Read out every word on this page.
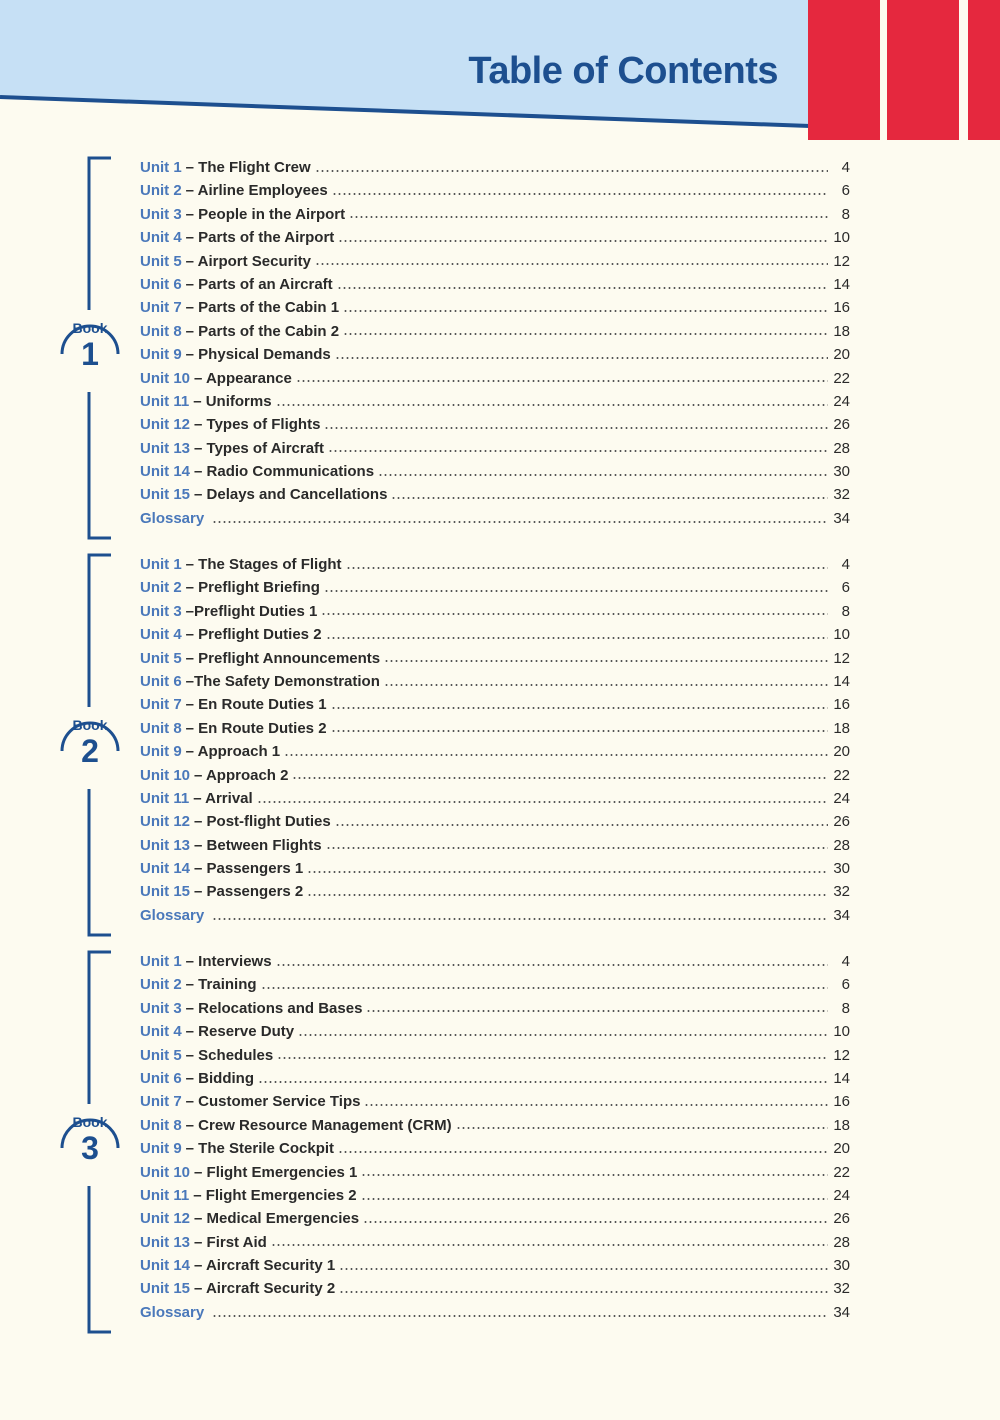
Table of Contents
Book
1
Unit 1 – The Flight Crew	4
Unit 2 – Airline Employees	6
Unit 3 – People in the Airport	8
Unit 4 – Parts of the Airport	10
Unit 5 – Airport Security	12
Unit 6 – Parts of an Aircraft	14
Unit 7 – Parts of the Cabin 1	16
Unit 8 – Parts of the Cabin 2	18
Unit 9 – Physical Demands	20
Unit 10 – Appearance	22
Unit 11 – Uniforms	24
Unit 12 – Types of Flights	26
Unit 13 – Types of Aircraft	28
Unit 14 – Radio Communications	30
Unit 15 – Delays and Cancellations	32
Glossary	34
Book
2
Unit 1 – The Stages of Flight	4
Unit 2 – Preflight Briefing	6
Unit 3 –Preflight Duties 1	8
Unit 4 – Preflight Duties 2	10
Unit 5 – Preflight Announcements	12
Unit 6 –The Safety Demonstration	14
Unit 7 – En Route Duties 1	16
Unit 8 – En Route Duties 2	18
Unit 9 – Approach 1	20
Unit 10 – Approach 2	22
Unit 11 – Arrival	24
Unit 12 – Post-flight Duties	26
Unit 13 – Between Flights	28
Unit 14 – Passengers 1	30
Unit 15 – Passengers 2	32
Glossary	34
Book
3
Unit 1 – Interviews	4
Unit 2 – Training	6
Unit 3 – Relocations and Bases	8
Unit 4 – Reserve Duty	10
Unit 5 – Schedules	12
Unit 6 – Bidding	14
Unit 7 – Customer Service Tips	16
Unit 8 – Crew Resource Management (CRM)	18
Unit 9 – The Sterile Cockpit	20
Unit 10 – Flight Emergencies 1	22
Unit 11 – Flight Emergencies 2	24
Unit 12 – Medical Emergencies	26
Unit 13 – First Aid	28
Unit 14 – Aircraft Security 1	30
Unit 15 – Aircraft Security 2	32
Glossary	34
